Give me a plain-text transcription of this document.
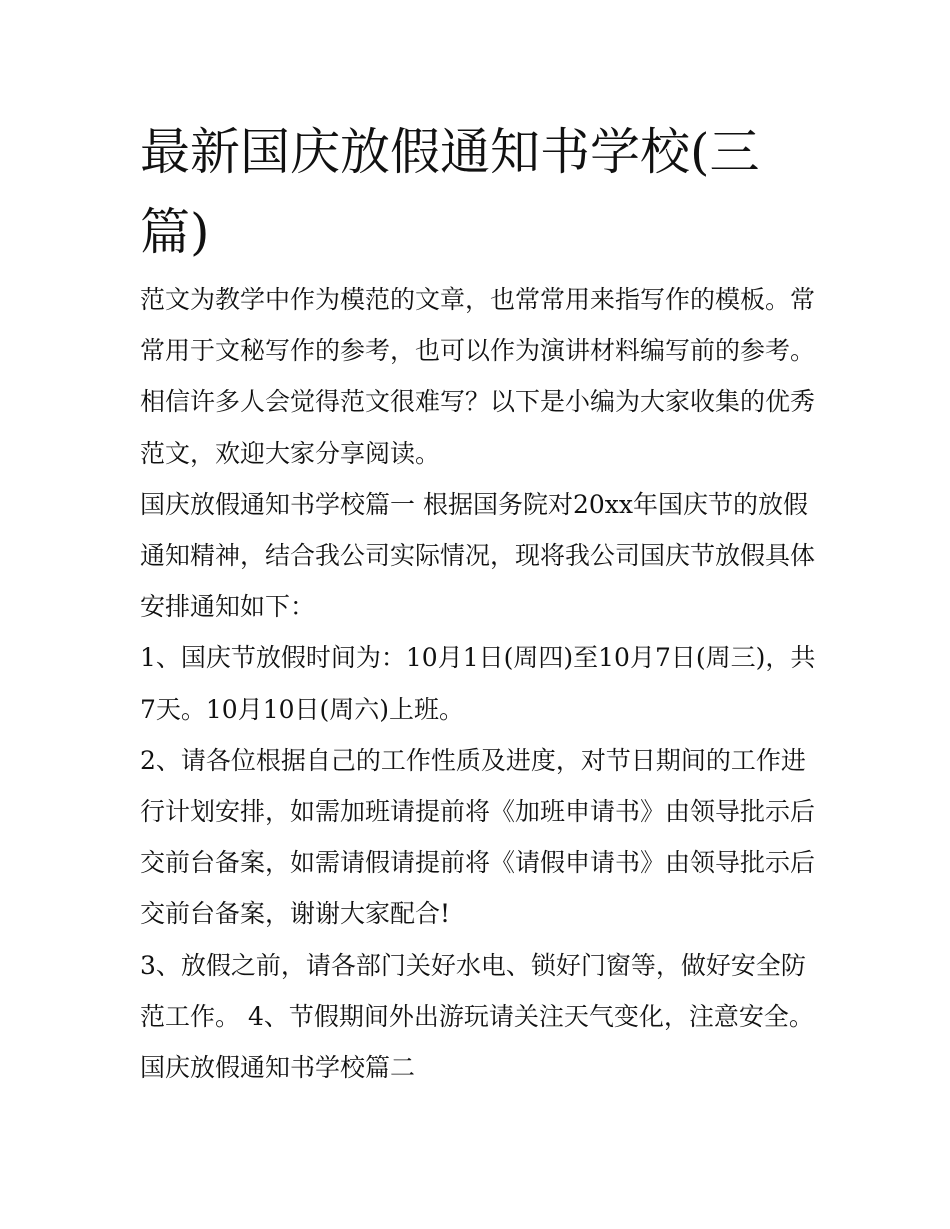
最新国庆放假通知书学校(三篇)

范文为教学中作为模范的文章，也常常用来指写作的模板。常常用于文秘写作的参考，也可以作为演讲材料编写前的参考。相信许多人会觉得范文很难写？以下是小编为大家收集的优秀范文，欢迎大家分享阅读。

国庆放假通知书学校篇一 根据国务院对20xx年国庆节的放假通知精神，结合我公司实际情况，现将我公司国庆节放假具体安排通知如下：

1、国庆节放假时间为：10月1日(周四)至10月7日(周三)，共7天。10月10日(周六)上班。

2、请各位根据自己的工作性质及进度，对节日期间的工作进行计划安排，如需加班请提前将《加班申请书》由领导批示后交前台备案，如需请假请提前将《请假申请书》由领导批示后交前台备案，谢谢大家配合!

3、放假之前，请各部门关好水电、锁好门窗等，做好安全防范工作。 4、节假期间外出游玩请关注天气变化，注意安全。

国庆放假通知书学校篇二
